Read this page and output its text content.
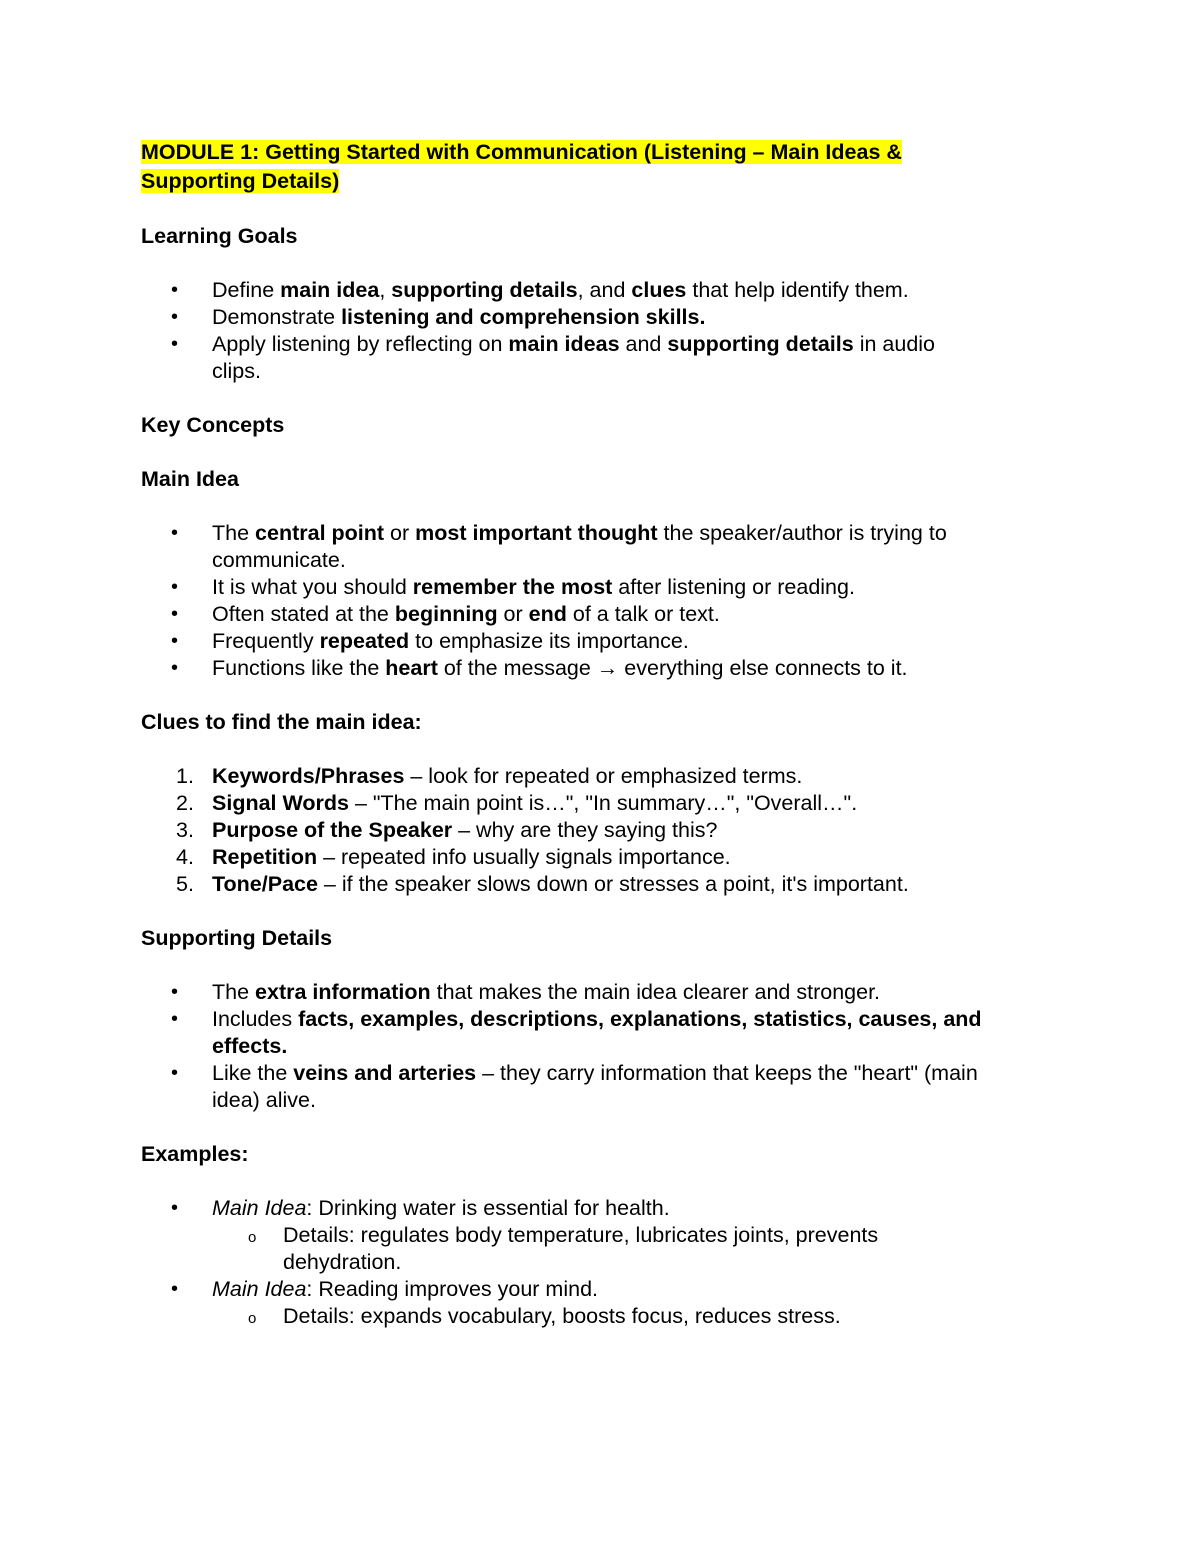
MODULE 1: Getting Started with Communication (Listening – Main Ideas &
Supporting Details)

Learning Goals

• Define main idea, supporting details, and clues that help identify them.
• Demonstrate listening and comprehension skills.
• Apply listening by reflecting on main ideas and supporting details in audio
clips.

Key Concepts

Main Idea

• The central point or most important thought the speaker/author is trying to
communicate.
• It is what you should remember the most after listening or reading.
• Often stated at the beginning or end of a talk or text.
• Frequently repeated to emphasize its importance.
• Functions like the heart of the message → everything else connects to it.

Clues to find the main idea:

1. Keywords/Phrases – look for repeated or emphasized terms.
2. Signal Words – "The main point is…", "In summary…", "Overall…".
3. Purpose of the Speaker – why are they saying this?
4. Repetition – repeated info usually signals importance.
5. Tone/Pace – if the speaker slows down or stresses a point, it's important.

Supporting Details

• The extra information that makes the main idea clearer and stronger.
• Includes facts, examples, descriptions, explanations, statistics, causes, and
effects.
• Like the veins and arteries – they carry information that keeps the "heart" (main
idea) alive.

Examples:

• Main Idea: Drinking water is essential for health.
o Details: regulates body temperature, lubricates joints, prevents
dehydration.
• Main Idea: Reading improves your mind.
o Details: expands vocabulary, boosts focus, reduces stress.
